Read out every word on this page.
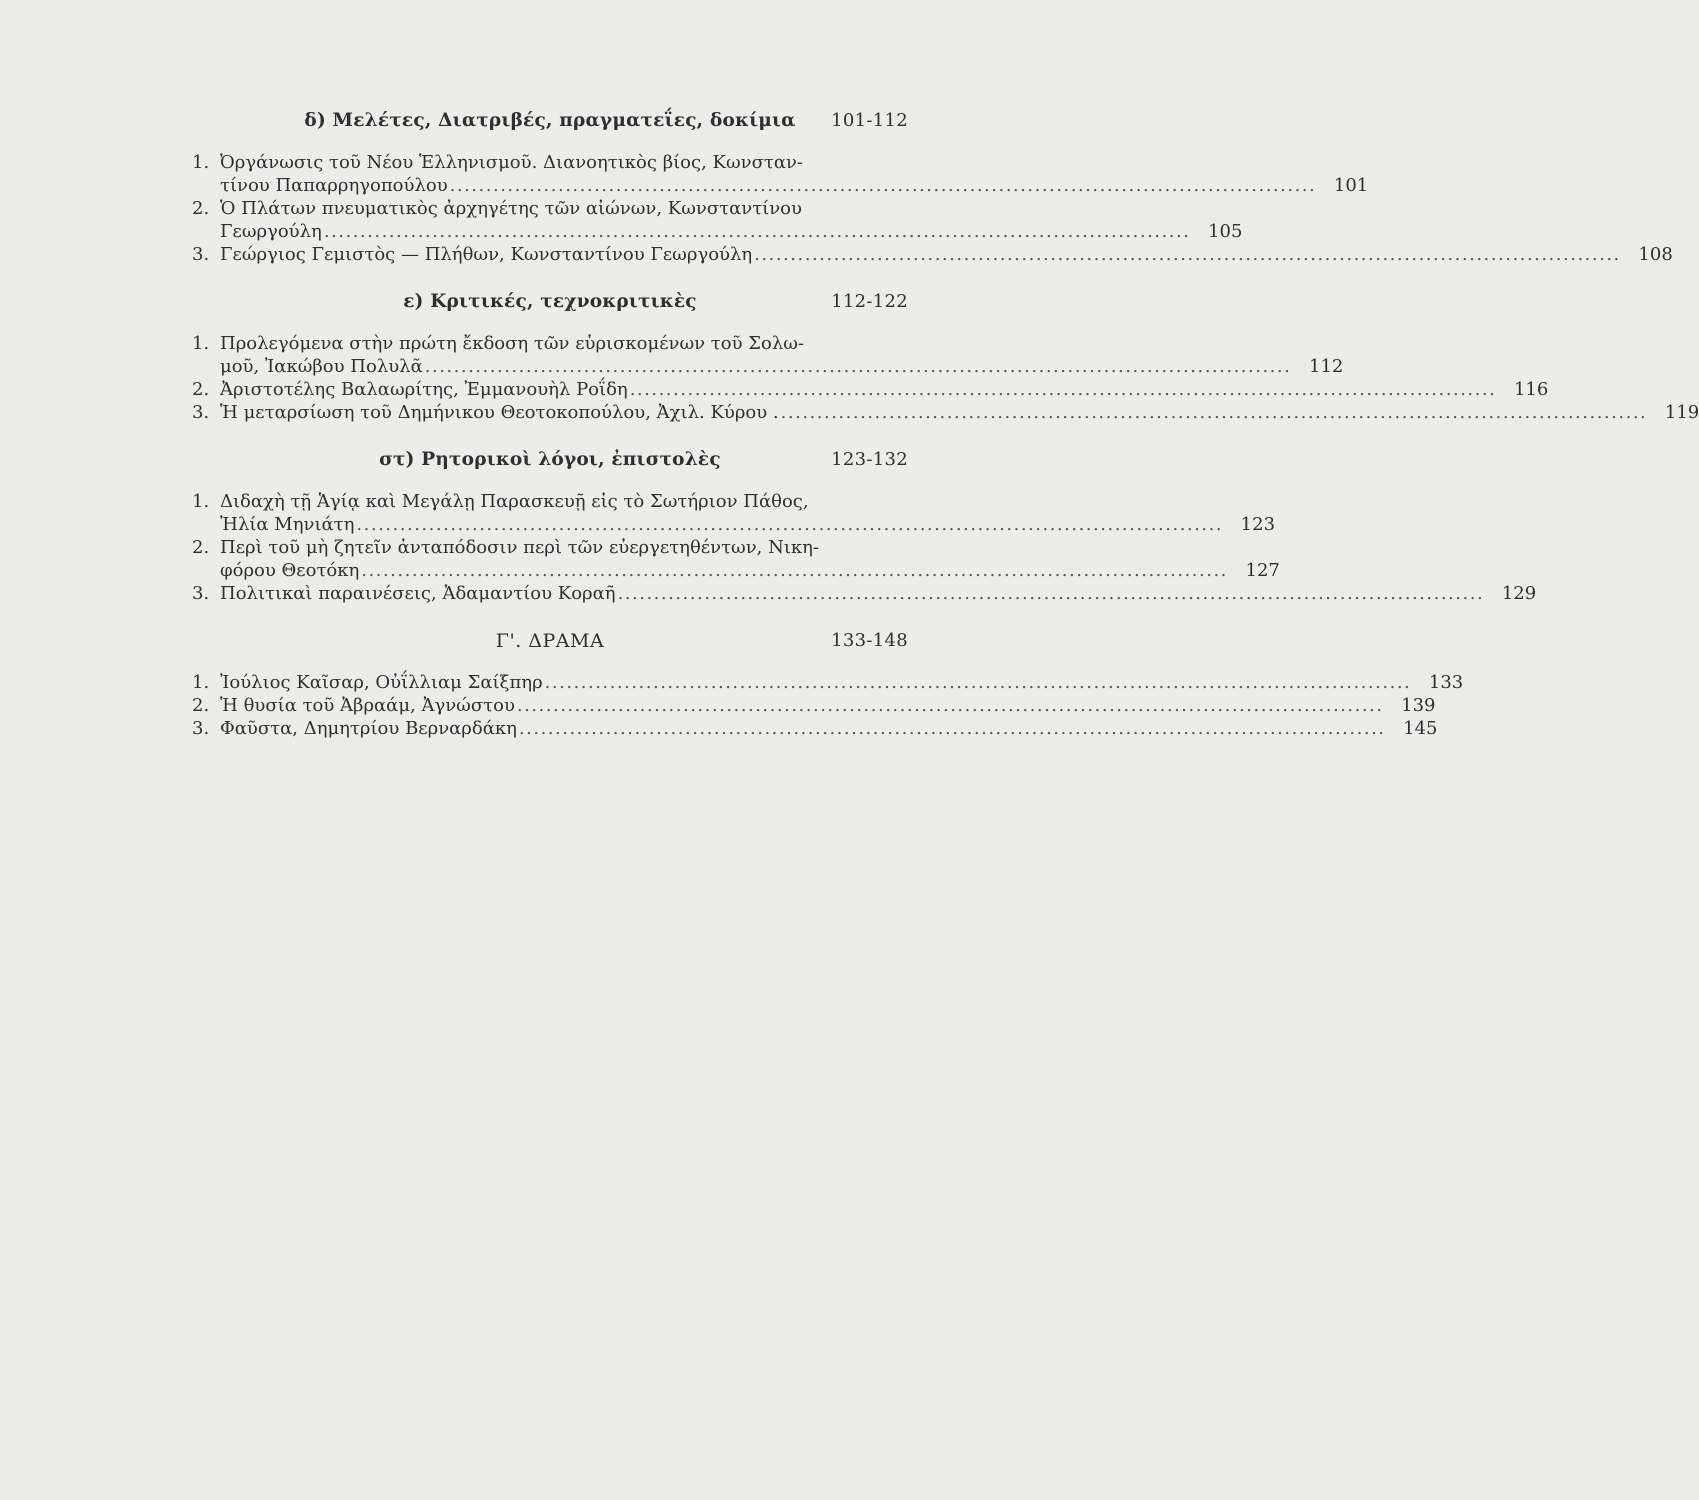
δ) Μελέτες, Διατριβές, πραγματεΐες, δοκίμια	101-112
1. Ὀργάνωσις τοῦ Νέου Ἑλληνισμοῦ. Διανοητικὸς βίος, Κωνσταν-
τίνου Παπαρρηγοπούλου ........................................................................................................................ 101
2. Ὁ Πλάτων πνευματικὸς ἀρχηγέτης τῶν αἰώνων, Κωνσταντίνου
Γεωργούλη ........................................................................................................................ 105
3. Γεώργιος Γεμιστὸς — Πλήθων, Κωνσταντίνου Γεωργούλη ........................................................................................................................ 108
ε) Κριτικές, τεχνοκριτικὲς	112-122
1. Προλεγόμενα στὴν πρώτη ἔκδοση τῶν εὑρισκομένων τοῦ Σολω-
μοῦ, Ἰακώβου Πολυλᾶ ........................................................................................................................ 112
2. Ἀριστοτέλης Βαλαωρίτης, Ἐμμανουὴλ Ροΐδη ........................................................................................................................ 116
3. Ἡ μεταρσίωση τοῦ Δημήνικου Θεοτοκοπούλου, Ἀχιλ. Κύρου . ........................................................................................................................ 119
στ) Ρητορικοὶ λόγοι, ἐπιστολὲς	123-132
1. Διδαχὴ τῇ Ἁγίᾳ καὶ Μεγάλῃ Παρασκευῇ εἰς τὸ Σωτήριον Πάθος,
Ἠλία Μηνιάτη ........................................................................................................................ 123
2. Περὶ τοῦ μὴ ζητεῖν ἀνταπόδοσιν περὶ τῶν εὐεργετηθέντων, Νικη-
φόρου Θεοτόκη ........................................................................................................................ 127
3. Πολιτικαὶ παραινέσεις, Ἀδαμαντίου Κοραῆ ........................................................................................................................ 129
Γ'. ΔΡΑΜΑ	133-148
1. Ἰούλιος Καῖσαρ, Οὐΐλλιαμ Σαίξπηρ ........................................................................................................................ 133
2. Ἡ θυσία τοῦ Ἀβραάμ, Ἀγνώστου ........................................................................................................................ 139
3. Φαῦστα, Δημητρίου Βερναρδάκη ........................................................................................................................ 145
